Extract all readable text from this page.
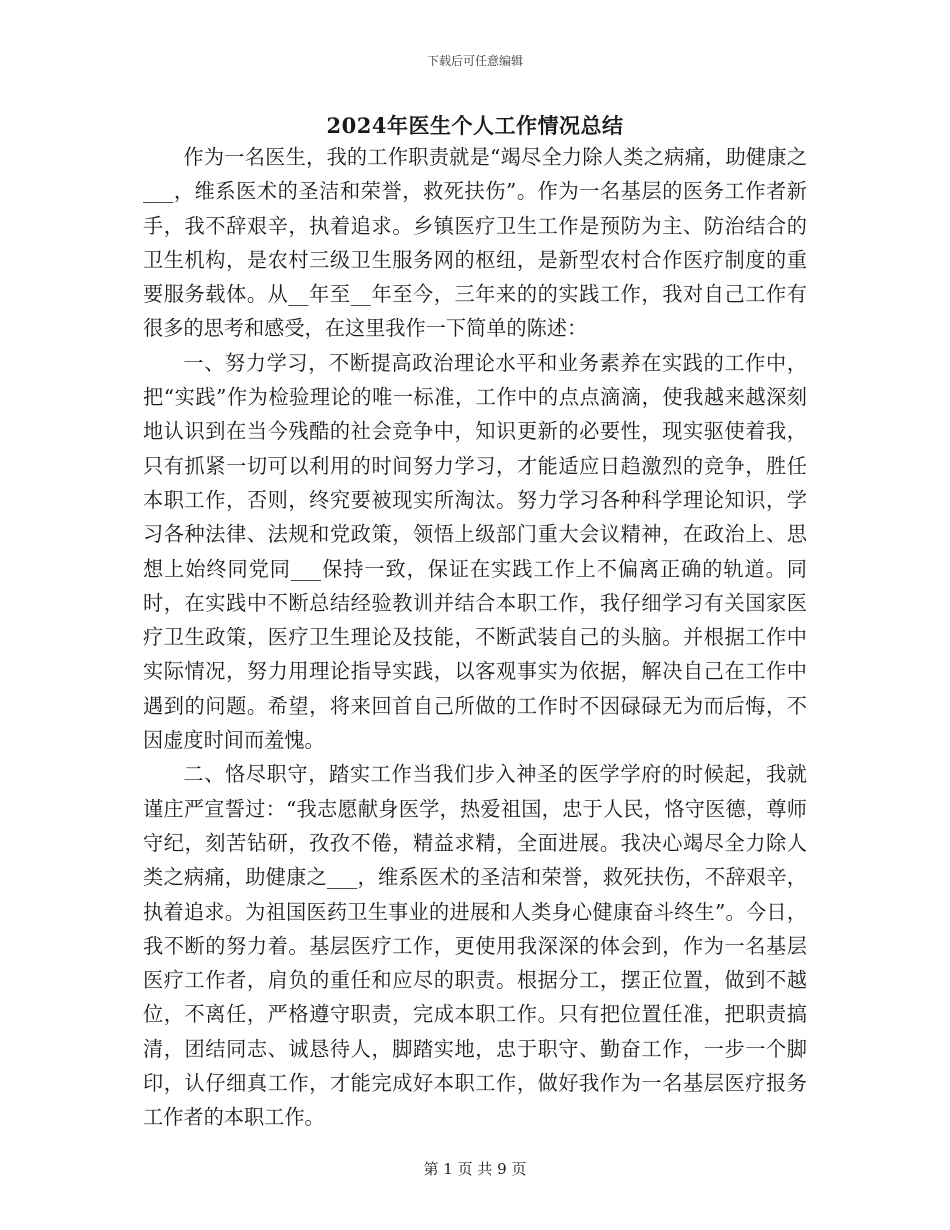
下载后可任意编辑
2024年医生个人工作情况总结

作为一名医生，我的工作职责就是“竭尽全力除人类之病痛，助健康之___，维系医术的圣洁和荣誉，救死扶伤”。作为一名基层的医务工作者新手，我不辞艰辛，执着追求。乡镇医疗卫生工作是预防为主、防治结合的卫生机构，是农村三级卫生服务网的枢纽，是新型农村合作医疗制度的重要服务载体。从__年至__年至今，三年来的的实践工作，我对自己工作有很多的思考和感受，在这里我作一下简单的陈述：

一、努力学习，不断提高政治理论水平和业务素养在实践的工作中，把“实践”作为检验理论的唯一标准，工作中的点点滴滴，使我越来越深刻地认识到在当今残酷的社会竞争中，知识更新的必要性，现实驱使着我，只有抓紧一切可以利用的时间努力学习，才能适应日趋激烈的竞争，胜任本职工作，否则，终究要被现实所淘汰。努力学习各种科学理论知识，学习各种法律、法规和党政策，领悟上级部门重大会议精神，在政治上、思想上始终同党同___保持一致，保证在实践工作上不偏离正确的轨道。同时，在实践中不断总结经验教训并结合本职工作，我仔细学习有关国家医疗卫生政策，医疗卫生理论及技能，不断武装自己的头脑。并根据工作中实际情况，努力用理论指导实践，以客观事实为依据，解决自己在工作中遇到的问题。希望，将来回首自己所做的工作时不因碌碌无为而后悔，不因虚度时间而羞愧。

二、恪尽职守，踏实工作当我们步入神圣的医学学府的时候起，我就谨庄严宣誓过：“我志愿献身医学，热爱祖国，忠于人民，恪守医德，尊师守纪，刻苦钻研，孜孜不倦，精益求精，全面进展。我决心竭尽全力除人类之病痛，助健康之___，维系医术的圣洁和荣誉，救死扶伤，不辞艰辛，执着追求。为祖国医药卫生事业的进展和人类身心健康奋斗终生”。今日，我不断的努力着。基层医疗工作，更使用我深深的体会到，作为一名基层医疗工作者，肩负的重任和应尽的职责。根据分工，摆正位置，做到不越位，不离任，严格遵守职责，完成本职工作。只有把位置任准，把职责搞清，团结同志、诚恳待人，脚踏实地，忠于职守、勤奋工作，一步一个脚印，认仔细真工作，才能完成好本职工作，做好我作为一名基层医疗报务工作者的本职工作。

第 1 页 共 9 页
